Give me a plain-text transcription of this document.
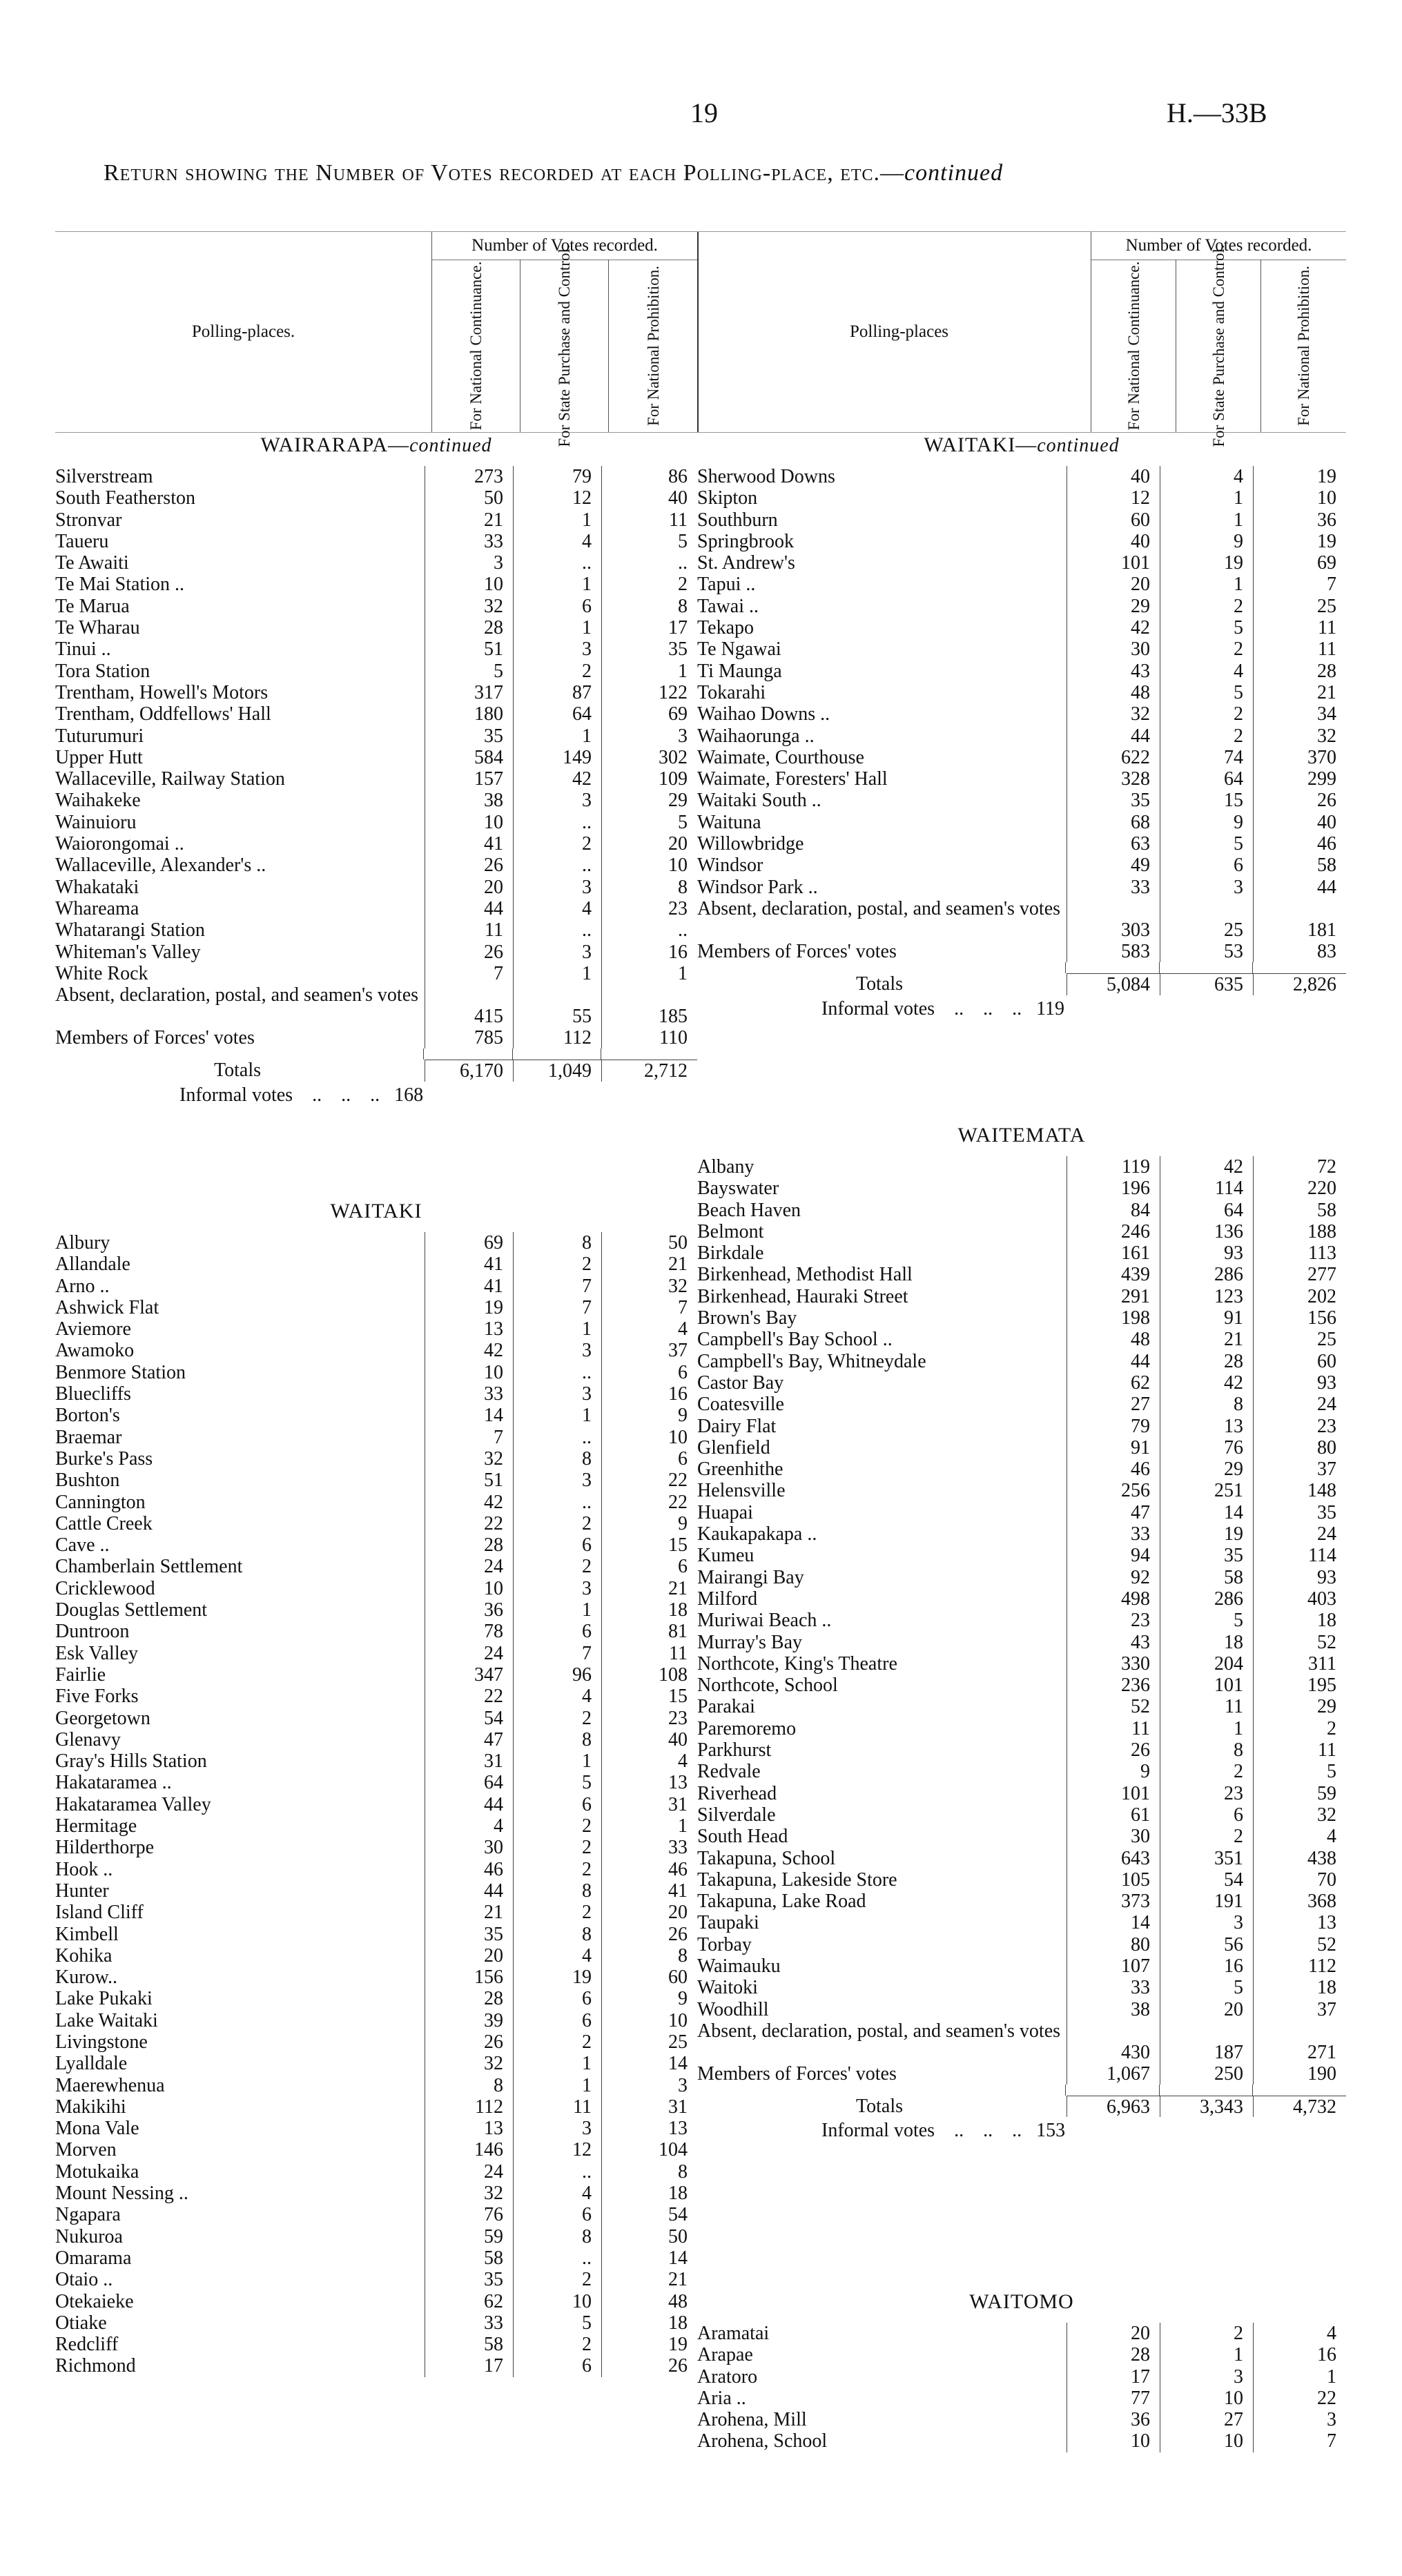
19	H.—33B
Return showing the Number of Votes recorded at each Polling-place, etc.—continued
Polling-places.
Number of Votes recorded.
For National Continuance.	For State Purchase and Control.	For National Prohibition.
WAIRARAPA—continued
Silverstream	273	79	86
South Featherston	50	12	40
Stronvar	21	1	11
Taueru	33	4	5
Te Awaiti	3	..	..
Te Mai Station ..	10	1	2
Te Marua	32	6	8
Te Wharau	28	1	17
Tinui ..	51	3	35
Tora Station	5	2	1
Trentham, Howell's Motors	317	87	122
Trentham, Oddfellows' Hall	180	64	69
Tuturumuri	35	1	3
Upper Hutt	584	149	302
Wallaceville, Railway Station	157	42	109
Waihakeke	38	3	29
Wainuioru	10	..	5
Waiorongomai ..	41	2	20
Wallaceville, Alexander's ..	26	..	10
Whakataki	20	3	8
Whareama	44	4	23
Whatarangi Station	11	..	..
Whiteman's Valley	26	3	16
White Rock	7	1	1
Absent, declaration, postal, and seamen's votes
415	55	185
Members of Forces' votes	785	112	110
Totals	6,170	1,049	2,712
Informal votes    ..    ..    ..   168
WAITAKI
Albury	69	8	50
Allandale	41	2	21
Arno ..	41	7	32
Ashwick Flat	19	7	7
Aviemore	13	1	4
Awamoko	42	3	37
Benmore Station	10	..	6
Bluecliffs	33	3	16
Borton's	14	1	9
Braemar	7	..	10
Burke's Pass	32	8	6
Bushton	51	3	22
Cannington	42	..	22
Cattle Creek	22	2	9
Cave ..	28	6	15
Chamberlain Settlement	24	2	6
Cricklewood	10	3	21
Douglas Settlement	36	1	18
Duntroon	78	6	81
Esk Valley	24	7	11
Fairlie	347	96	108
Five Forks	22	4	15
Georgetown	54	2	23
Glenavy	47	8	40
Gray's Hills Station	31	1	4
Hakataramea ..	64	5	13
Hakataramea Valley	44	6	31
Hermitage	4	2	1
Hilderthorpe	30	2	33
Hook ..	46	2	46
Hunter	44	8	41
Island Cliff	21	2	20
Kimbell	35	8	26
Kohika	20	4	8
Kurow..	156	19	60
Lake Pukaki	28	6	9
Lake Waitaki	39	6	10
Livingstone	26	2	25
Lyalldale	32	1	14
Maerewhenua	8	1	3
Makikihi	112	11	31
Mona Vale	13	3	13
Morven	146	12	104
Motukaika	24	..	8
Mount Nessing ..	32	4	18
Ngapara	76	6	54
Nukuroa	59	8	50
Omarama	58	..	14
Otaio ..	35	2	21
Otekaieke	62	10	48
Otiake	33	5	18
Redcliff	58	2	19
Richmond	17	6	26
Polling-places
Number of Votes recorded.
For National Continuance.	For State Purchase and Control.	For National Prohibition.
WAITAKI—continued
Sherwood Downs	40	4	19
Skipton	12	1	10
Southburn	60	1	36
Springbrook	40	9	19
St. Andrew's	101	19	69
Tapui ..	20	1	7
Tawai ..	29	2	25
Tekapo	42	5	11
Te Ngawai	30	2	11
Ti Maunga	43	4	28
Tokarahi	48	5	21
Waihao Downs ..	32	2	34
Waihaorunga ..	44	2	32
Waimate, Courthouse	622	74	370
Waimate, Foresters' Hall	328	64	299
Waitaki South ..	35	15	26
Waituna	68	9	40
Willowbridge	63	5	46
Windsor	49	6	58
Windsor Park ..	33	3	44
Absent, declaration, postal, and seamen's votes
303	25	181
Members of Forces' votes	583	53	83
Totals	5,084	635	2,826
Informal votes    ..    ..    ..   119
WAITEMATA
Albany	119	42	72
Bayswater	196	114	220
Beach Haven	84	64	58
Belmont	246	136	188
Birkdale	161	93	113
Birkenhead, Methodist Hall	439	286	277
Birkenhead, Hauraki Street	291	123	202
Brown's Bay	198	91	156
Campbell's Bay School ..	48	21	25
Campbell's Bay, Whitneydale	44	28	60
Castor Bay	62	42	93
Coatesville	27	8	24
Dairy Flat	79	13	23
Glenfield	91	76	80
Greenhithe	46	29	37
Helensville	256	251	148
Huapai	47	14	35
Kaukapakapa ..	33	19	24
Kumeu	94	35	114
Mairangi Bay	92	58	93
Milford	498	286	403
Muriwai Beach ..	23	5	18
Murray's Bay	43	18	52
Northcote, King's Theatre	330	204	311
Northcote, School	236	101	195
Parakai	52	11	29
Paremoremo	11	1	2
Parkhurst	26	8	11
Redvale	9	2	5
Riverhead	101	23	59
Silverdale	61	6	32
South Head	30	2	4
Takapuna, School	643	351	438
Takapuna, Lakeside Store	105	54	70
Takapuna, Lake Road	373	191	368
Taupaki	14	3	13
Torbay	80	56	52
Waimauku	107	16	112
Waitoki	33	5	18
Woodhill	38	20	37
Absent, declaration, postal, and seamen's votes
430	187	271
Members of Forces' votes	1,067	250	190
Totals	6,963	3,343	4,732
Informal votes    ..    ..    ..   153
WAITOMO
Aramatai	20	2	4
Arapae	28	1	16
Aratoro	17	3	1
Aria ..	77	10	22
Arohena, Mill	36	27	3
Arohena, School	10	10	7
